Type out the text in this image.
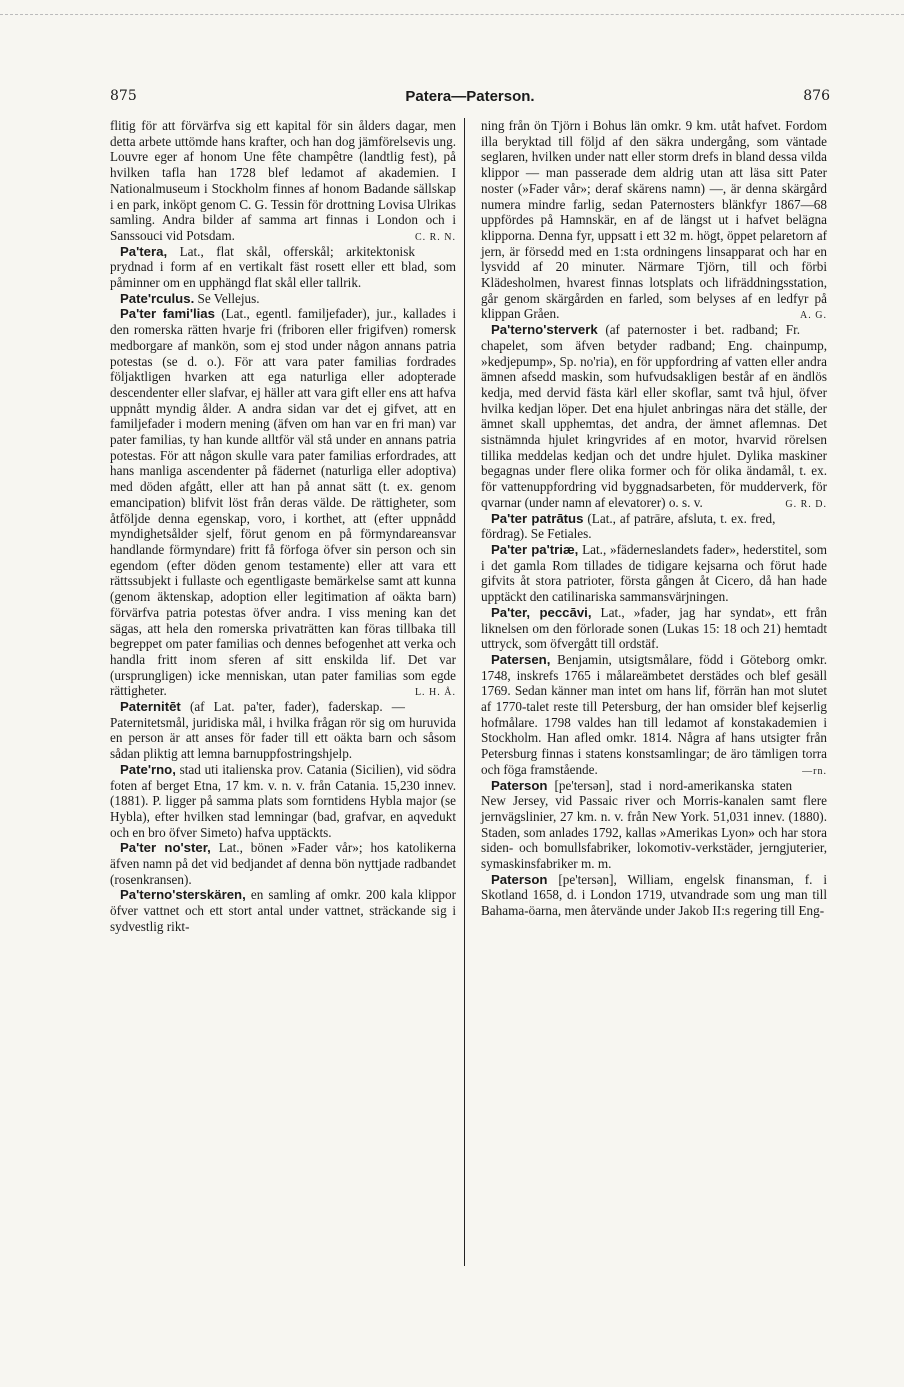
875	Patera—Paterson.	876

flitig för att förvärfva sig ett kapital för sin ålders dagar, men detta arbete uttömde hans krafter, och han dog jämförelsevis ung. Louvre eger af honom Une fête champêtre (landtlig fest), på hvilken tafla han 1728 blef ledamot af akademien. I Nationalmuseum i Stockholm finnes af honom Badande sällskap i en park, inköpt genom C. G. Tessin för drottning Lovisa Ulrikas samling. Andra bilder af samma art finnas i London och i Sanssouci vid Potsdam.	C. R. N.

Pa'tera, Lat., flat skål, offerskål; arkitektonisk prydnad i form af en vertikalt fäst rosett eller ett blad, som påminner om en upphängd flat skål eller tallrik.

Pate'rculus. Se Vellejus.

Pa'ter fami'lias (Lat., egentl. familjefader), jur., kallades i den romerska rätten hvarje fri (friboren eller frigifven) romersk medborgare af mankön, som ej stod under någon annans patria potestas (se d. o.). För att vara pater familias fordrades följaktligen hvarken att ega naturliga eller adopterade descendenter eller slafvar, ej häller att vara gift eller ens att hafva uppnått myndig ålder. A andra sidan var det ej gifvet, att en familjefader i modern mening (äfven om han var en fri man) var pater familias, ty han kunde alltför väl stå under en annans patria potestas. För att någon skulle vara pater familias erfordrades, att hans manliga ascendenter på fädernet (naturliga eller adoptiva) med döden afgått, eller att han på annat sätt (t. ex. genom emancipation) blifvit löst från deras välde. De rättigheter, som åtföljde denna egenskap, voro, i korthet, att (efter uppnådd myndighetsålder sjelf, förut genom en på förmyndareansvar handlande förmyndare) fritt få förfoga öfver sin person och sin egendom (efter döden genom testamente) eller att vara ett rättssubjekt i fullaste och egentligaste bemärkelse samt att kunna (genom äktenskap, adoption eller legitimation af oäkta barn) förvärfva patria potestas öfver andra. I viss mening kan det sägas, att hela den romerska privaträtten kan föras tillbaka till begreppet om pater familias och dennes befogenhet att verka och handla fritt inom sferen af sitt enskilda lif. Det var (ursprungligen) icke menniskan, utan pater familias som egde rättigheter.	L. H. Å.

Paternitēt (af Lat. pa'ter, fader), faderskap. — Paternitetsmål, juridiska mål, i hvilka frågan rör sig om huruvida en person är att anses för fader till ett oäkta barn och såsom sådan pliktig att lemna barnuppfostringshjelp.

Pate'rno, stad uti italienska prov. Catania (Sicilien), vid södra foten af berget Etna, 17 km. v. n. v. från Catania. 15,230 innev. (1881). P. ligger på samma plats som forntidens Hybla major (se Hybla), efter hvilken stad lemningar (bad, grafvar, en aqvedukt och en bro öfver Simeto) hafva upptäckts.

Pa'ter no'ster, Lat., bönen »Fader vår»; hos katolikerna äfven namn på det vid bedjandet af denna bön nyttjade radbandet (rosenkransen).

Pa'terno'sterskären, en samling af omkr. 200 kala klippor öfver vattnet och ett stort antal under vattnet, sträckande sig i sydvestlig rikt-

ning från ön Tjörn i Bohus län omkr. 9 km. utåt hafvet. Fordom illa beryktad till följd af den säkra undergång, som väntade seglaren, hvilken under natt eller storm drefs in bland dessa vilda klippor — man passerade dem aldrig utan att läsa sitt Pater noster (»Fader vår»; deraf skärens namn) —, är denna skärgård numera mindre farlig, sedan Paternosters blänkfyr 1867—68 uppfördes på Hamnskär, en af de längst ut i hafvet belägna klipporna. Denna fyr, uppsatt i ett 32 m. högt, öppet pelaretorn af jern, är försedd med en 1:sta ordningens linsapparat och har en lysvidd af 20 minuter. Närmare Tjörn, till och förbi Klädesholmen, hvarest finnas lotsplats och lifräddningsstation, går genom skärgården en farled, som belyses af en ledfyr på klippan Gråen.	A. G.

Pa'terno'sterverk (af paternoster i bet. radband; Fr. chapelet, som äfven betyder radband; Eng. chainpump, »kedjepump», Sp. no'ria), en för uppfordring af vatten eller andra ämnen afsedd maskin, som hufvudsakligen består af en ändlös kedja, med dervid fästa kärl eller skoflar, samt två hjul, öfver hvilka kedjan löper. Det ena hjulet anbringas nära det ställe, der ämnet skall upphemtas, det andra, der ämnet aflemnas. Det sistnämnda hjulet kringvrides af en motor, hvarvid rörelsen tillika meddelas kedjan och det undre hjulet. Dylika maskiner begagnas under flere olika former och för olika ändamål, t. ex. för vattenuppfordring vid byggnadsarbeten, för mudderverk, för qvarnar (under namn af elevatorer) o. s. v.	G. R. D.

Pa'ter patrātus (Lat., af patrāre, afsluta, t. ex. fred, fördrag). Se Fetiales.

Pa'ter pa'triæ, Lat., »fäderneslandets fader», hederstitel, som i det gamla Rom tillades de tidigare kejsarna och förut hade gifvits åt stora patrioter, första gången åt Cicero, då han hade upptäckt den catilinariska sammansvärjningen.

Pa'ter, peccāvi, Lat., »fader, jag har syndat», ett från liknelsen om den förlorade sonen (Lukas 15: 18 och 21) hemtadt uttryck, som öfvergått till ordstäf.

Patersen, Benjamin, utsigtsmålare, född i Göteborg omkr. 1748, inskrefs 1765 i målareämbetet derstädes och blef gesäll 1769. Sedan känner man intet om hans lif, förrän han mot slutet af 1770-talet reste till Petersburg, der han omsider blef kejserlig hofmålare. 1798 valdes han till ledamot af konstakademien i Stockholm. Han afled omkr. 1814. Några af hans utsigter från Petersburg finnas i statens konstsamlingar; de äro tämligen torra och föga framstående.	—rn.

Paterson [pe'tersən], stad i nord-amerikanska staten New Jersey, vid Passaic river och Morris-kanalen samt flere jernvägslinier, 27 km. n. v. från New York. 51,031 innev. (1880). Staden, som anlades 1792, kallas »Amerikas Lyon» och har stora siden- och bomullsfabriker, lokomotiv-verkstäder, jerngjuterier, symaskinsfabriker m. m.

Paterson [pe'tersən], William, engelsk finansman, f. i Skotland 1658, d. i London 1719, utvandrade som ung man till Bahama-öarna, men återvände under Jakob II:s regering till Eng-
